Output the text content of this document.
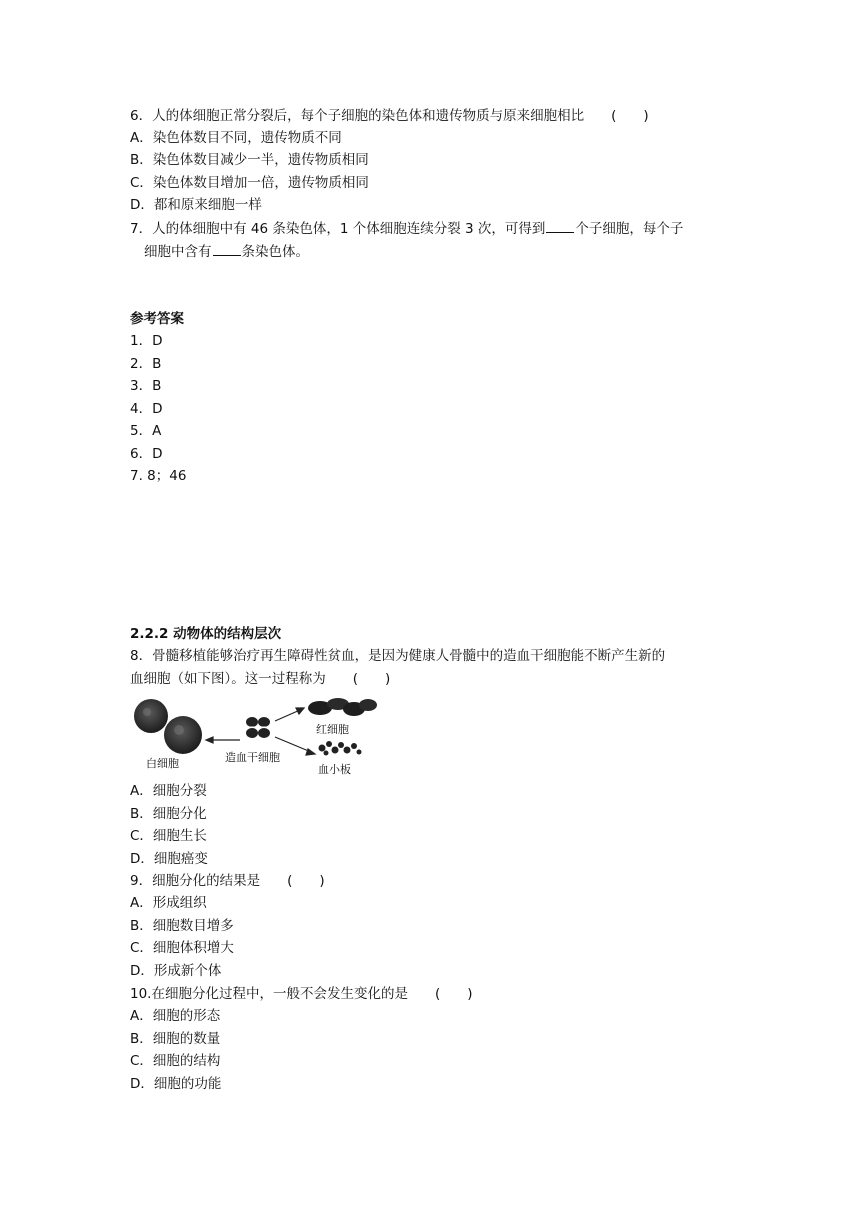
6．人的体细胞正常分裂后，每个子细胞的染色体和遗传物质与原来细胞相比　　(　　)
A．染色体数目不同，遗传物质不同
B．染色体数目减少一半，遗传物质相同
C．染色体数目增加一倍，遗传物质相同
D．都和原来细胞一样
7．人的体细胞中有 46 条染色体，1 个体细胞连续分裂 3 次，可得到 个子细胞，每个子
细胞中含有 条染色体。
参考答案
1．D
2．B
3．B
4．D
5．A
6．D
7. 8；46
2.2.2 动物体的结构层次
8．骨髓移植能够治疗再生障碍性贫血，是因为健康人骨髓中的造血干细胞能不断产生新的
血细胞（如下图）。这一过程称为　　(　　)
白细胞	造血干细胞
红细胞
血小板
A．细胞分裂
B．细胞分化
C．细胞生长
D．细胞癌变
9．细胞分化的结果是　　(　　)
A．形成组织
B．细胞数目增多
C．细胞体积增大
D．形成新个体
10.在细胞分化过程中，一般不会发生变化的是　　(　　)
A．细胞的形态
B．细胞的数量
C．细胞的结构
D．细胞的功能
